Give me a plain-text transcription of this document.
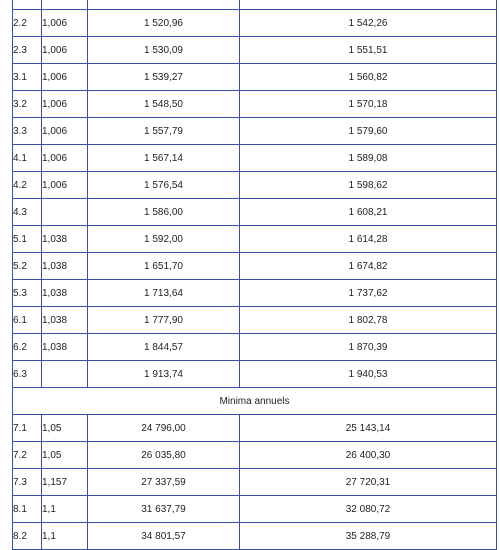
2.2	1,006	1 520,96	1 542,26
2.3	1,006	1 530,09	1 551,51
3.1	1,006	1 539,27	1 560,82
3.2	1,006	1 548,50	1 570,18
3.3	1,006	1 557,79	1 579,60
4.1	1,006	1 567,14	1 589,08
4.2	1,006	1 576,54	1 598,62
4.3		1 586,00	1 608,21
5.1	1,038	1 592,00	1 614,28
5.2	1,038	1 651,70	1 674,82
5.3	1,038	1 713,64	1 737,62
6.1	1,038	1 777,90	1 802,78
6.2	1,038	1 844,57	1 870,39
6.3		1 913,74	1 940,53
Minima annuels			
7.1	1,05	24 796,00	25 143,14
7.2	1,05	26 035,80	26 400,30
7.3	1,157	27 337,59	27 720,31
8.1	1,1	31 637,79	32 080,72
8.2	1,1	34 801,57	35 288,79
